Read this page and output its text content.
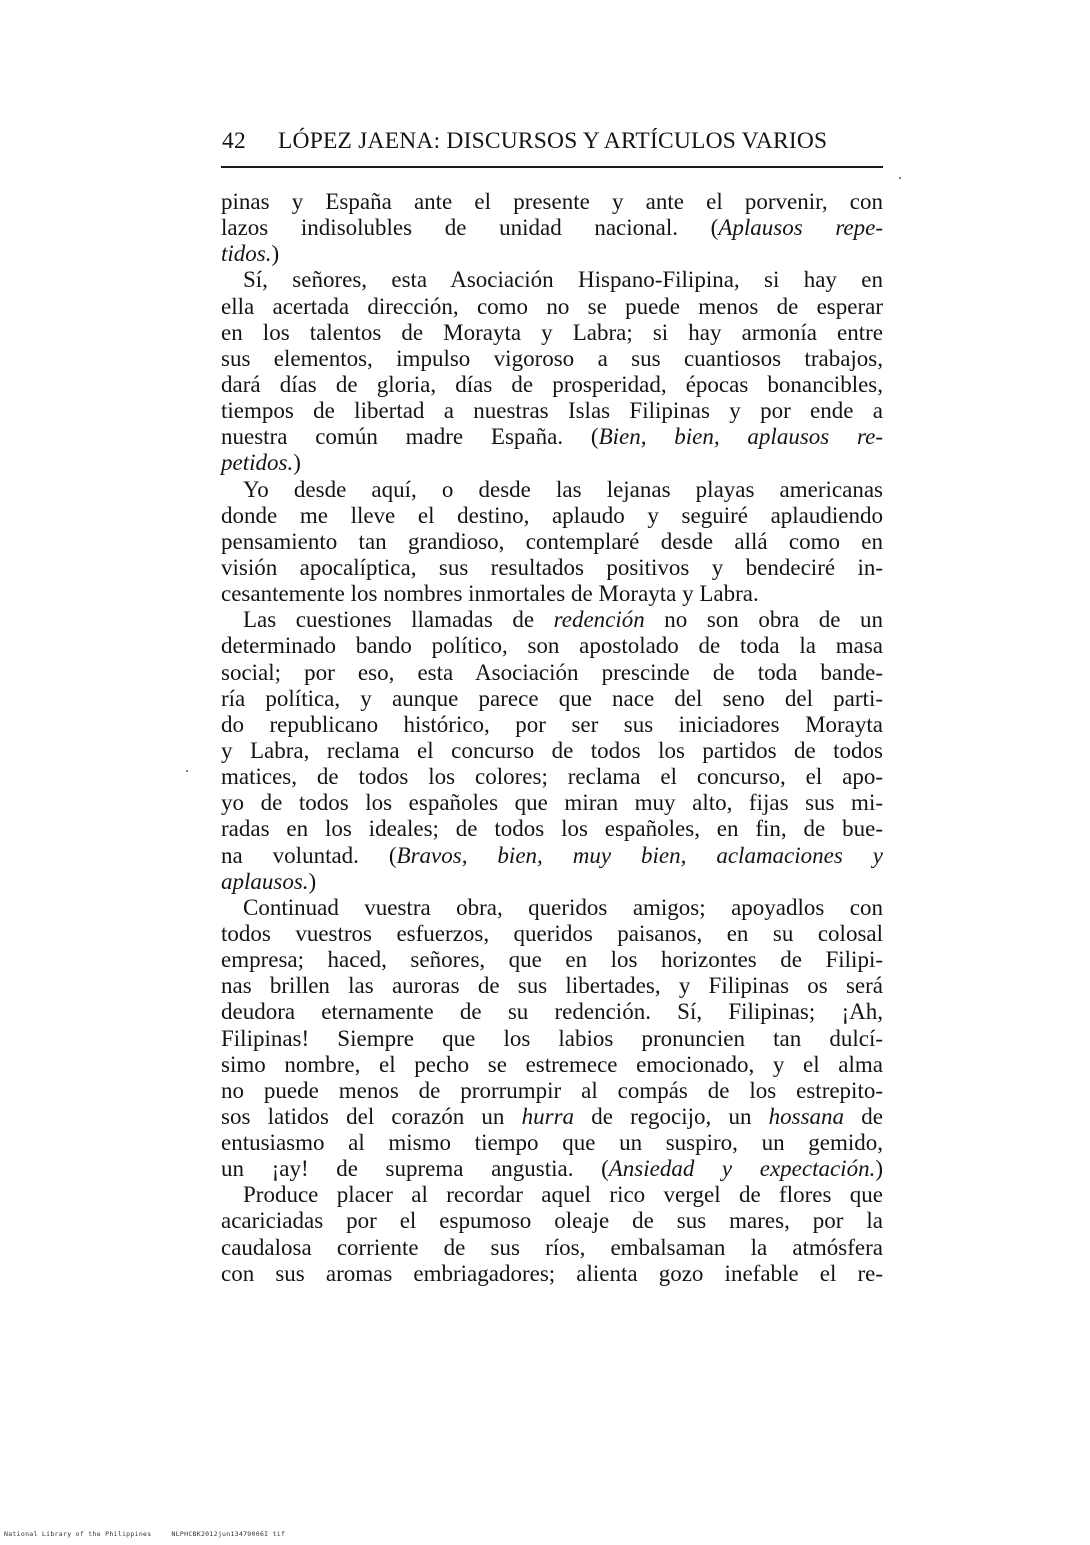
42 LÓPEZ JAENA: DISCURSOS Y ARTÍCULOS VARIOS
pinas y España ante el presente y ante el porvenir, con
lazos indisolubles de unidad nacional. (Aplausos repe-
tidos.)
Sí, señores, esta Asociación Hispano-Filipina, si hay en
ella acertada dirección, como no se puede menos de esperar
en los talentos de Morayta y Labra; si hay armonía entre
sus elementos, impulso vigoroso a sus cuantiosos trabajos,
dará días de gloria, días de prosperidad, épocas bonancibles,
tiempos de libertad a nuestras Islas Filipinas y por ende a
nuestra común madre España. (Bien, bien, aplausos re-
petidos.)
Yo desde aquí, o desde las lejanas playas americanas
donde me lleve el destino, aplaudo y seguiré aplaudiendo
pensamiento tan grandioso, contemplaré desde allá como en
visión apocalíptica, sus resultados positivos y bendeciré in-
cesantemente los nombres inmortales de Morayta y Labra.
Las cuestiones llamadas de redención no son obra de un
determinado bando político, son apostolado de toda la masa
social; por eso, esta Asociación prescinde de toda bande-
ría política, y aunque parece que nace del seno del parti-
do republicano histórico, por ser sus iniciadores Morayta
y Labra, reclama el concurso de todos los partidos de todos
matices, de todos los colores; reclama el concurso, el apo-
yo de todos los españoles que miran muy alto, fijas sus mi-
radas en los ideales; de todos los españoles, en fin, de bue-
na voluntad. (Bravos, bien, muy bien, aclamaciones y
aplausos.)
Continuad vuestra obra, queridos amigos; apoyadlos con
todos vuestros esfuerzos, queridos paisanos, en su colosal
empresa; haced, señores, que en los horizontes de Filipi-
nas brillen las auroras de sus libertades, y Filipinas os será
deudora eternamente de su redención. Sí, Filipinas; ¡Ah,
Filipinas! Siempre que los labios pronuncien tan dulcí-
simo nombre, el pecho se estremece emocionado, y el alma
no puede menos de prorrumpir al compás de los estrepito-
sos latidos del corazón un hurra de regocijo, un hossana de
entusiasmo al mismo tiempo que un suspiro, un gemido,
un ¡ay! de suprema angustia. (Ansiedad y expectación.)
Produce placer al recordar aquel rico vergel de flores que
acariciadas por el espumoso oleaje de sus mares, por la
caudalosa corriente de sus ríos, embalsaman la atmósfera
con sus aromas embriagadores; alienta gozo inefable el re-
National Library of the Philippines	NLPHCBK2012jun13479006I tif
